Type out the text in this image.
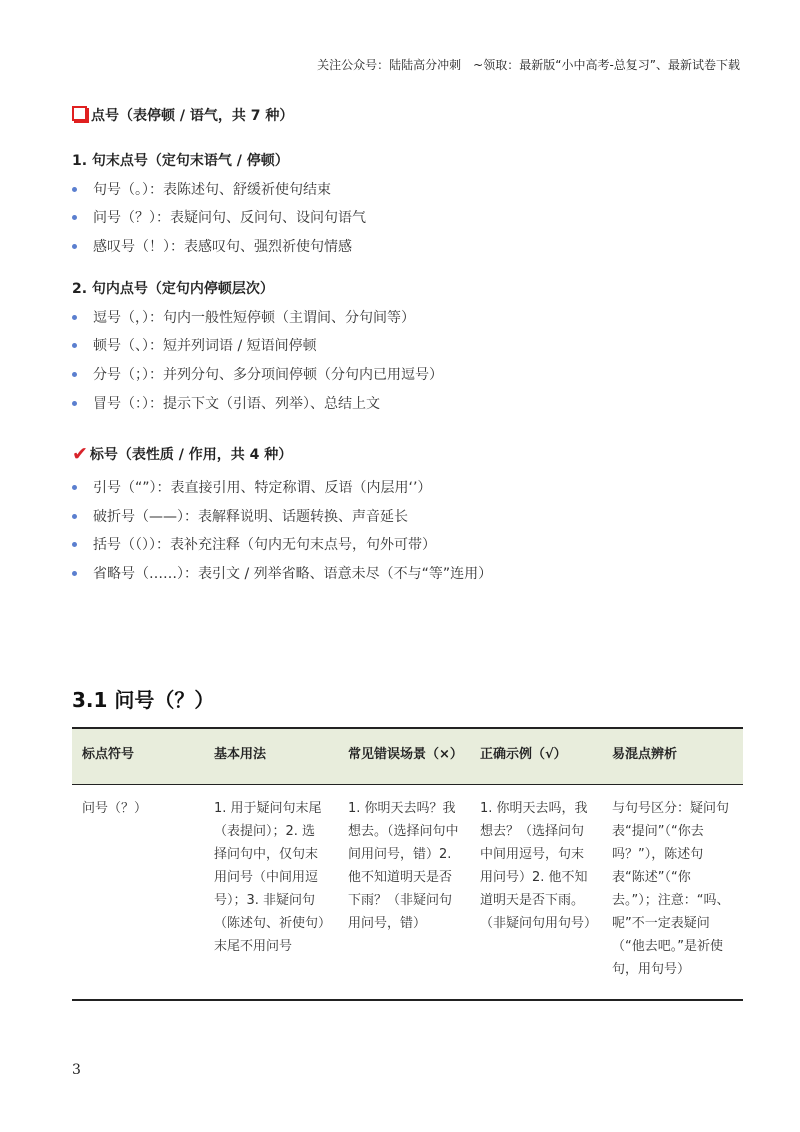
关注公众号：陆陆高分冲刺　~领取：最新版“小中高考-总复习”、最新试卷下载
点号（表停顿 / 语气，共 7 种）
1. 句末点号（定句末语气 / 停顿）
句号（。）：表陈述句、舒缓祈使句结束
问号（？）：表疑问句、反问句、设问句语气
感叹号（！）：表感叹句、强烈祈使句情感
2. 句内点号（定句内停顿层次）
逗号（，）：句内一般性短停顿（主谓间、分句间等）
顿号（、）：短并列词语 / 短语间停顿
分号（；）：并列分句、多分项间停顿（分句内已用逗号）
冒号（：）：提示下文（引语、列举）、总结上文
✔ 标号（表性质 / 作用，共 4 种）
引号（“”）：表直接引用、特定称谓、反语（内层用‘’）
破折号（——）：表解释说明、话题转换、声音延长
括号（（））：表补充注释（句内无句末点号，句外可带）
省略号（……）：表引文 / 列举省略、语意未尽（不与“等”连用）
3.1 问号（？）
标点符号	基本用法	常见错误场景（×）	正确示例（√）	易混点辨析
问号（？）	1. 用于疑问句末尾（表提问）；2. 选择问句中，仅句末用问号（中间用逗号）；3. 非疑问句（陈述句、祈使句）末尾不用问号	1. 你明天去吗？我想去。（选择问句中间用问号，错）2. 他不知道明天是否下雨？（非疑问句用问号，错）	1. 你明天去吗，我想去？（选择问句中间用逗号，句末用问号）2. 他不知道明天是否下雨。（非疑问句用句号）	与句号区分：疑问句表“提问”（“你去吗？”），陈述句表“陈述”（“你去。”）；注意：“吗、呢”不一定表疑问（“他去吧。”是祈使句，用句号）
3
